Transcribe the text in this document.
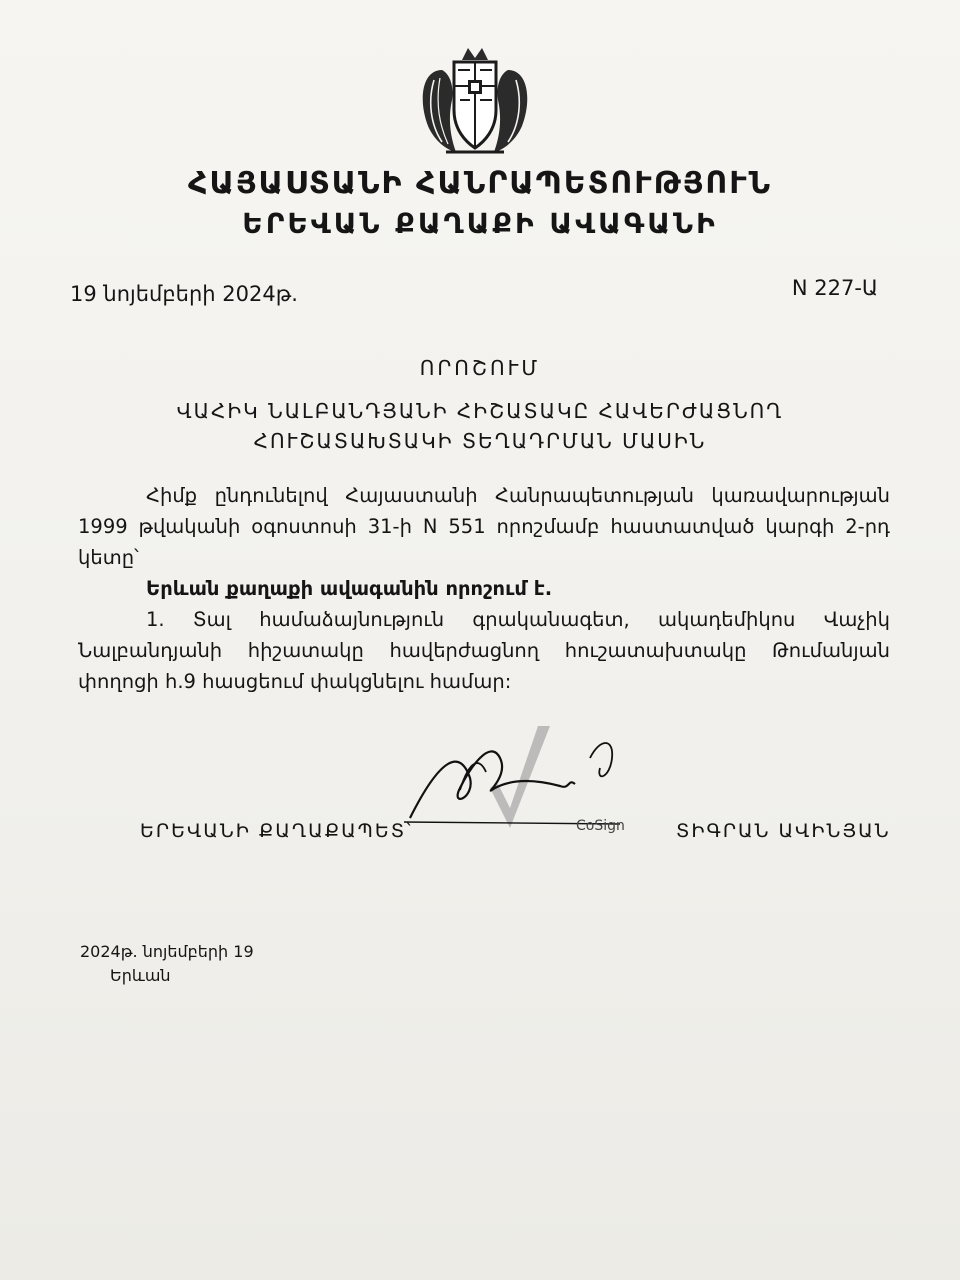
ՀԱՅԱՍՏԱՆԻ ՀԱՆՐԱՊԵՏՈՒԹՅՈՒՆ
ԵՐԵՎԱՆ ՔԱՂԱՔԻ ԱՎԱԳԱՆԻ
19 նոյեմբերի 2024թ.	N 227-Ա
ՈՐՈՇՈՒՄ
ՎԱՀԻԿ ՆԱԼԲԱՆԴՅԱՆԻ ՀԻՇԱՏԱԿԸ ՀԱՎԵՐԺԱՑՆՈՂ
ՀՈՒՇԱՏԱԽՏԱԿԻ ՏԵՂԱԴՐՄԱՆ ՄԱՍԻՆ

Հիմք ընդունելով Հայաստանի Հանրապետության կառավարության 1999 թվականի օգոստոսի 31-ի N 551 որոշմամբ հաստատված կարգի 2-րդ կետը՝

Երևան քաղաքի ավագանին որոշում է.

1. Տալ համաձայնություն գրականագետ, ակադեմիկոս Վաչիկ Նալբանդյանի հիշատակը հավերժացնող հուշատախտակը Թումանյան փողոցի հ.9 հասցեում փակցնելու համար:

CoSign
ԵՐԵՎԱՆԻ ՔԱՂԱՔԱՊԵՏ՝	ՏԻԳՐԱՆ ԱՎԻՆՅԱՆ
2024թ. նոյեմբերի 19
Երևան
